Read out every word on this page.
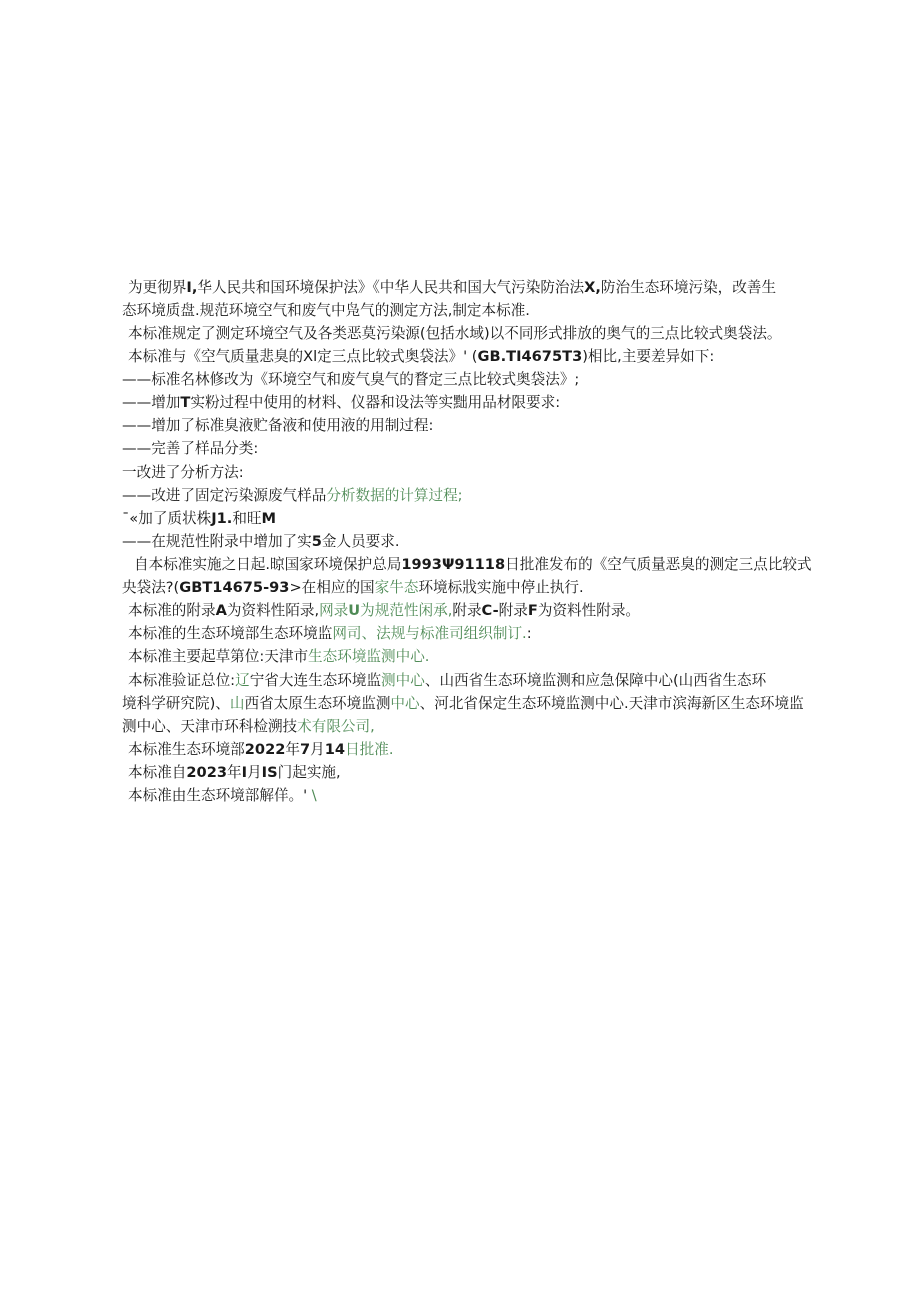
为更彻界I,华人民共和国环境保护法》《中华人民共和国大气污染防治法X,防治生态环境污染，改善生
态环境质盘.规范环境空气和废气中凫气的测定方法,制定本标准.
本标准规定了测定环境空气及各类恶莫污染源(包括水域)以不同形式排放的奥气的三点比较式奥袋法。
本标准与《空气质量悲臭的Xl定三点比较式奥袋法》' (GB.TI4675T3)相比,主要差异如下:
——标准名林修改为《环境空气和废气臭气的瞀定三点比较式奥袋法》;
——增加T实粉过程中使用的材料、仪器和设法等实黜用品材限要求:
——增加了标准臭液贮备液和使用液的用制过程:
——完善了样品分类:
一改进了分析方法:
——改进了固定污染源废气样品分析数据的计算过程;
ˉ«加了质状株J1.和旺M
——在规范性附录中增加了实5金人员要求.
自本标准实施之日起.晾国家环境保护总局1993Ψ91118日批准发布的《空气质量恶臭的测定三点比较式
央袋法?(GBT14675-93>在相应的国家牛态环境标戕实施中停止执行.
本标准的附录A为资料性陌录,网录U为规范性闲承,附录C-附录F为资料性附录。
本标准的生态环境部生态环境监网司、法规与标准司组织制订.:
本标准主要起草第位:天津市生态环境监测中心.
本标准验证总位:辽宁省大连生态环境监测中心、山西省生态环境监测和应急保障中心(山西省生态环
境科学研究院)、山西省太原生态环境监测中心、河北省保定生态环境监测中心.天津市滨海新区生态环境监
测中心、天津市环科检溯技术有限公司,
本标准生态环境部2022年7月14日批准.
本标准自2023年I月IS门起实施,
本标准由生态环境部解佯。' \
